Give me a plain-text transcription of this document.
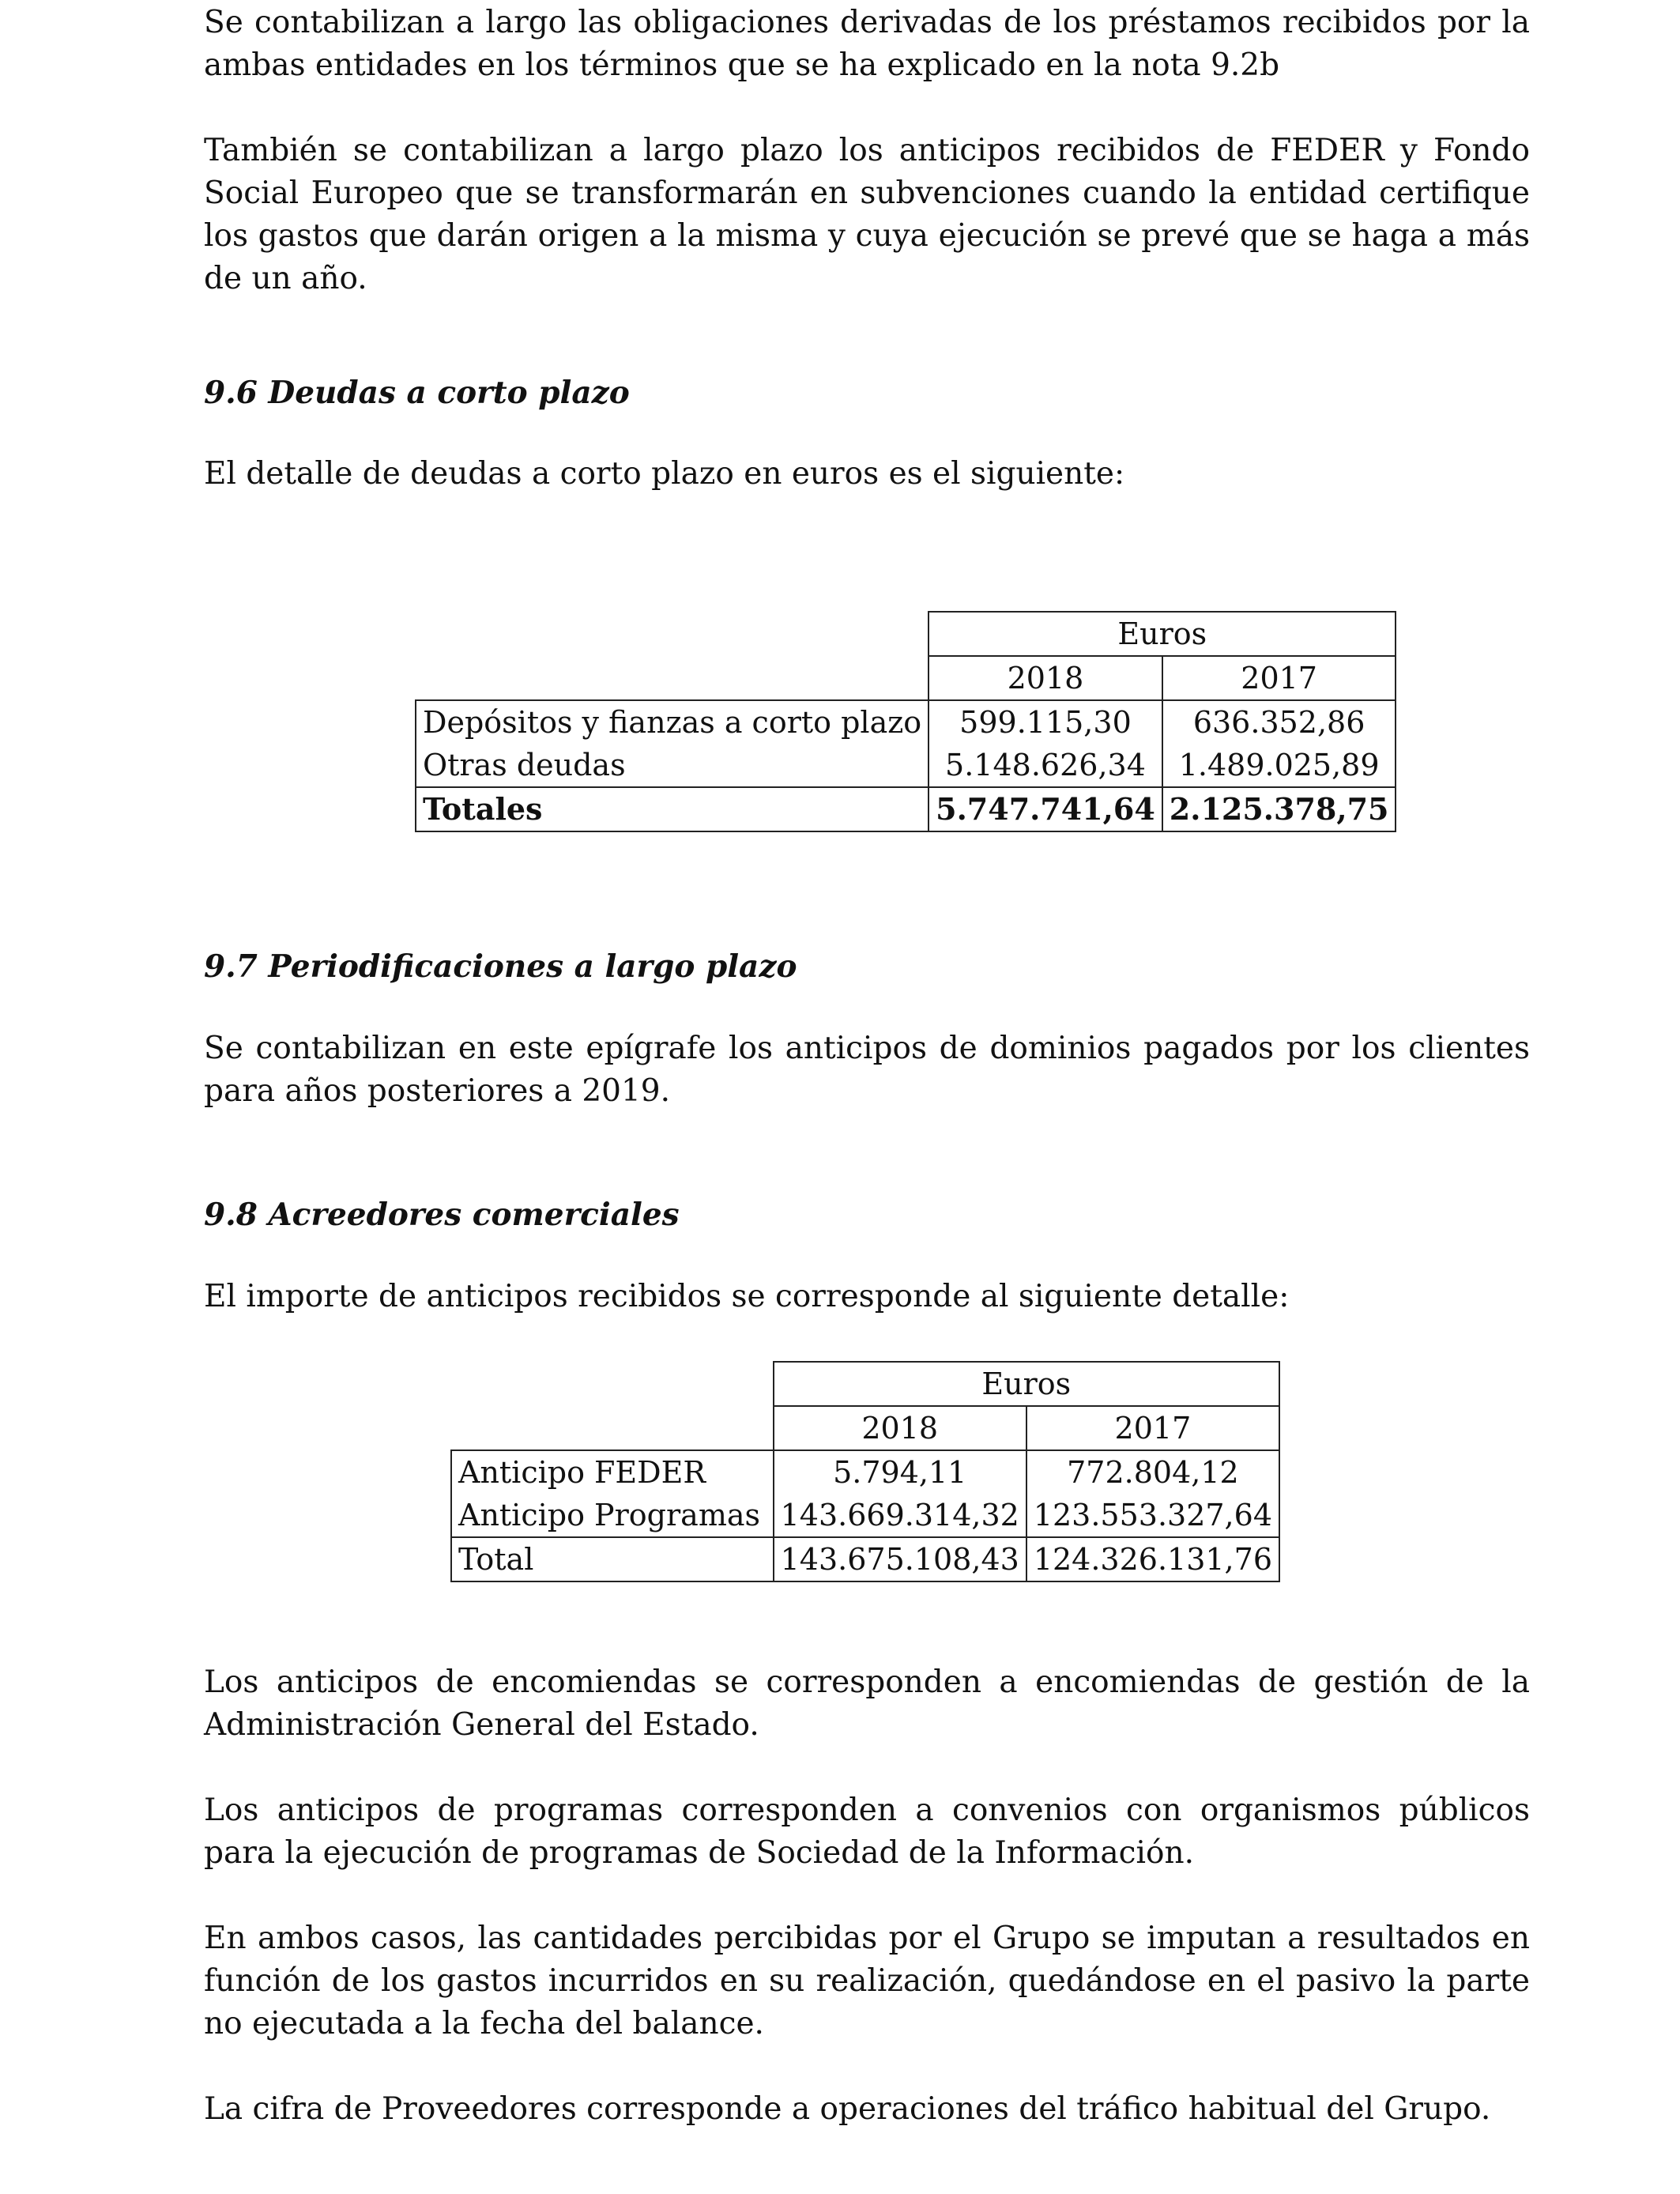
Se contabilizan a largo las obligaciones derivadas de los préstamos recibidos por la ambas entidades en los términos que se ha explicado en la nota 9.2b

También se contabilizan a largo plazo los anticipos recibidos de FEDER y Fondo Social Europeo que se transformarán en subvenciones cuando la entidad certifique los gastos que darán origen a la misma y cuya ejecución se prevé que se haga a más de un año.

9.6 Deudas a corto plazo

El detalle de deudas a corto plazo en euros es el siguiente:

	Euros	
	2018	2017
Depósitos y fianzas a corto plazo	599.115,30	636.352,86
Otras deudas	5.148.626,34	1.489.025,89
Totales	5.747.741,64	2.125.378,75
9.7 Periodificaciones a largo plazo

Se contabilizan en este epígrafe los anticipos de dominios pagados por los clientes para años posteriores a 2019.

9.8 Acreedores comerciales

El importe de anticipos recibidos se corresponde al siguiente detalle:

	Euros	
	2018	2017
Anticipo FEDER	5.794,11	772.804,12
Anticipo Programas	143.669.314,32	123.553.327,64
Total	143.675.108,43	124.326.131,76

Los anticipos de encomiendas se corresponden a encomiendas de gestión de la Administración General del Estado.

Los anticipos de programas corresponden a convenios con organismos públicos para la ejecución de programas de Sociedad de la Información.

En ambos casos, las cantidades percibidas por el Grupo se imputan a resultados en función de los gastos incurridos en su realización, quedándose en el pasivo la parte no ejecutada a la fecha del balance.

La cifra de Proveedores corresponde a operaciones del tráfico habitual del Grupo.
